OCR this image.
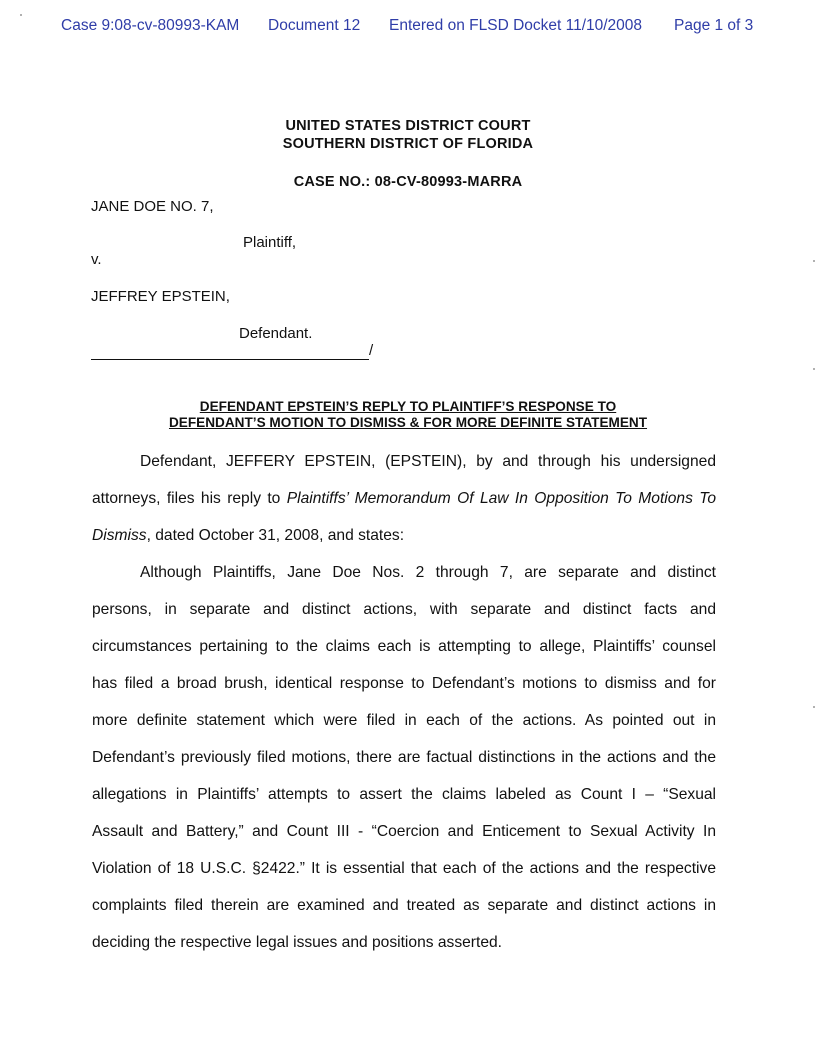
Case 9:08-cv-80993-KAM Document 12 Entered on FLSD Docket 11/10/2008 Page 1 of 3
UNITED STATES DISTRICT COURT
SOUTHERN DISTRICT OF FLORIDA
CASE NO.: 08-CV-80993-MARRA
JANE DOE NO. 7,
Plaintiff,
v.
JEFFREY EPSTEIN,
Defendant.
/
DEFENDANT EPSTEIN’S REPLY TO PLAINTIFF’S RESPONSE TO
DEFENDANT’S MOTION TO DISMISS & FOR MORE DEFINITE STATEMENT
Defendant, JEFFERY EPSTEIN, (EPSTEIN), by and through his undersigned
attorneys, files his reply to Plaintiffs’ Memorandum Of Law In Opposition To Motions To
Dismiss, dated October 31, 2008, and states:
Although Plaintiffs, Jane Doe Nos. 2 through 7, are separate and distinct
persons, in separate and distinct actions, with separate and distinct facts and
circumstances pertaining to the claims each is attempting to allege, Plaintiffs’ counsel
has filed a broad brush, identical response to Defendant’s motions to dismiss and for
more definite statement which were filed in each of the actions. As pointed out in
Defendant’s previously filed motions, there are factual distinctions in the actions and the
allegations in Plaintiffs’ attempts to assert the claims labeled as Count I – “Sexual
Assault and Battery,” and Count III - “Coercion and Enticement to Sexual Activity In
Violation of 18 U.S.C. §2422.” It is essential that each of the actions and the respective
complaints filed therein are examined and treated as separate and distinct actions in
deciding the respective legal issues and positions asserted.
